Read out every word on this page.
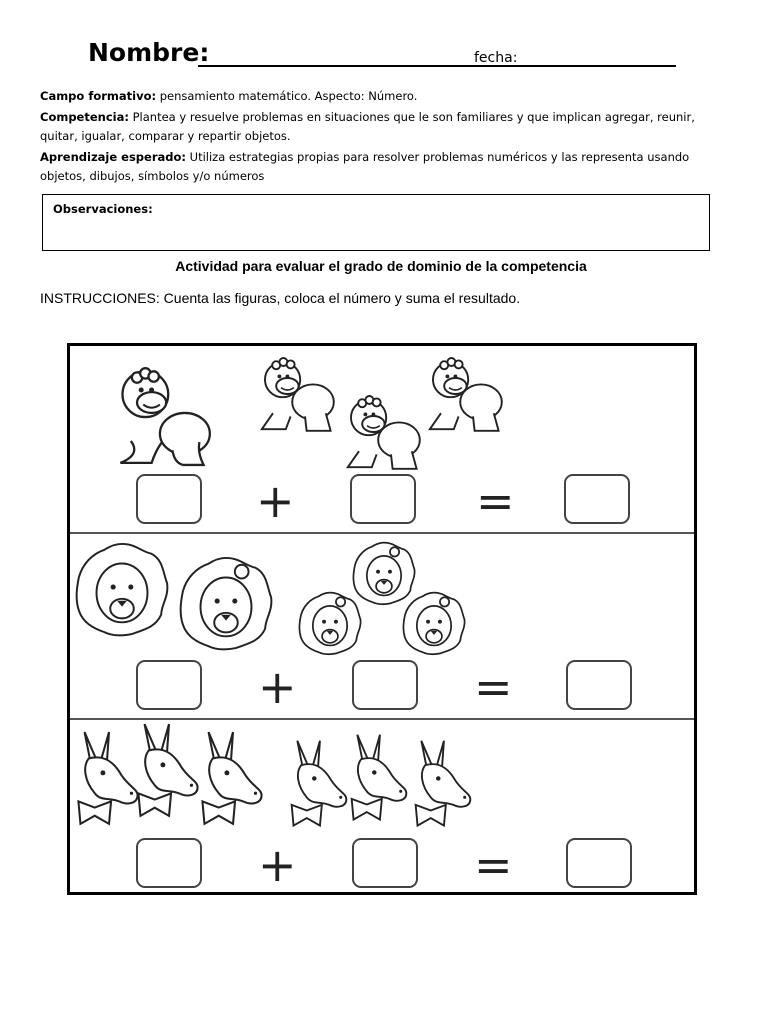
Nombre:	fecha:

Campo formativo: pensamiento matemático. Aspecto: Número.

Competencia: Plantea y resuelve problemas en situaciones que le son familiares y que implican agregar, reunir, quitar, igualar, comparar y repartir objetos.

Aprendizaje esperado: Utiliza estrategias propias para resolver problemas numéricos y las representa usando objetos, dibujos, símbolos y/o números

Observaciones:
Actividad para evaluar el grado de dominio de la competencia
INSTRUCCIONES: Cuenta las figuras, coloca el número y suma el resultado.
+	=
+	=
+	=
